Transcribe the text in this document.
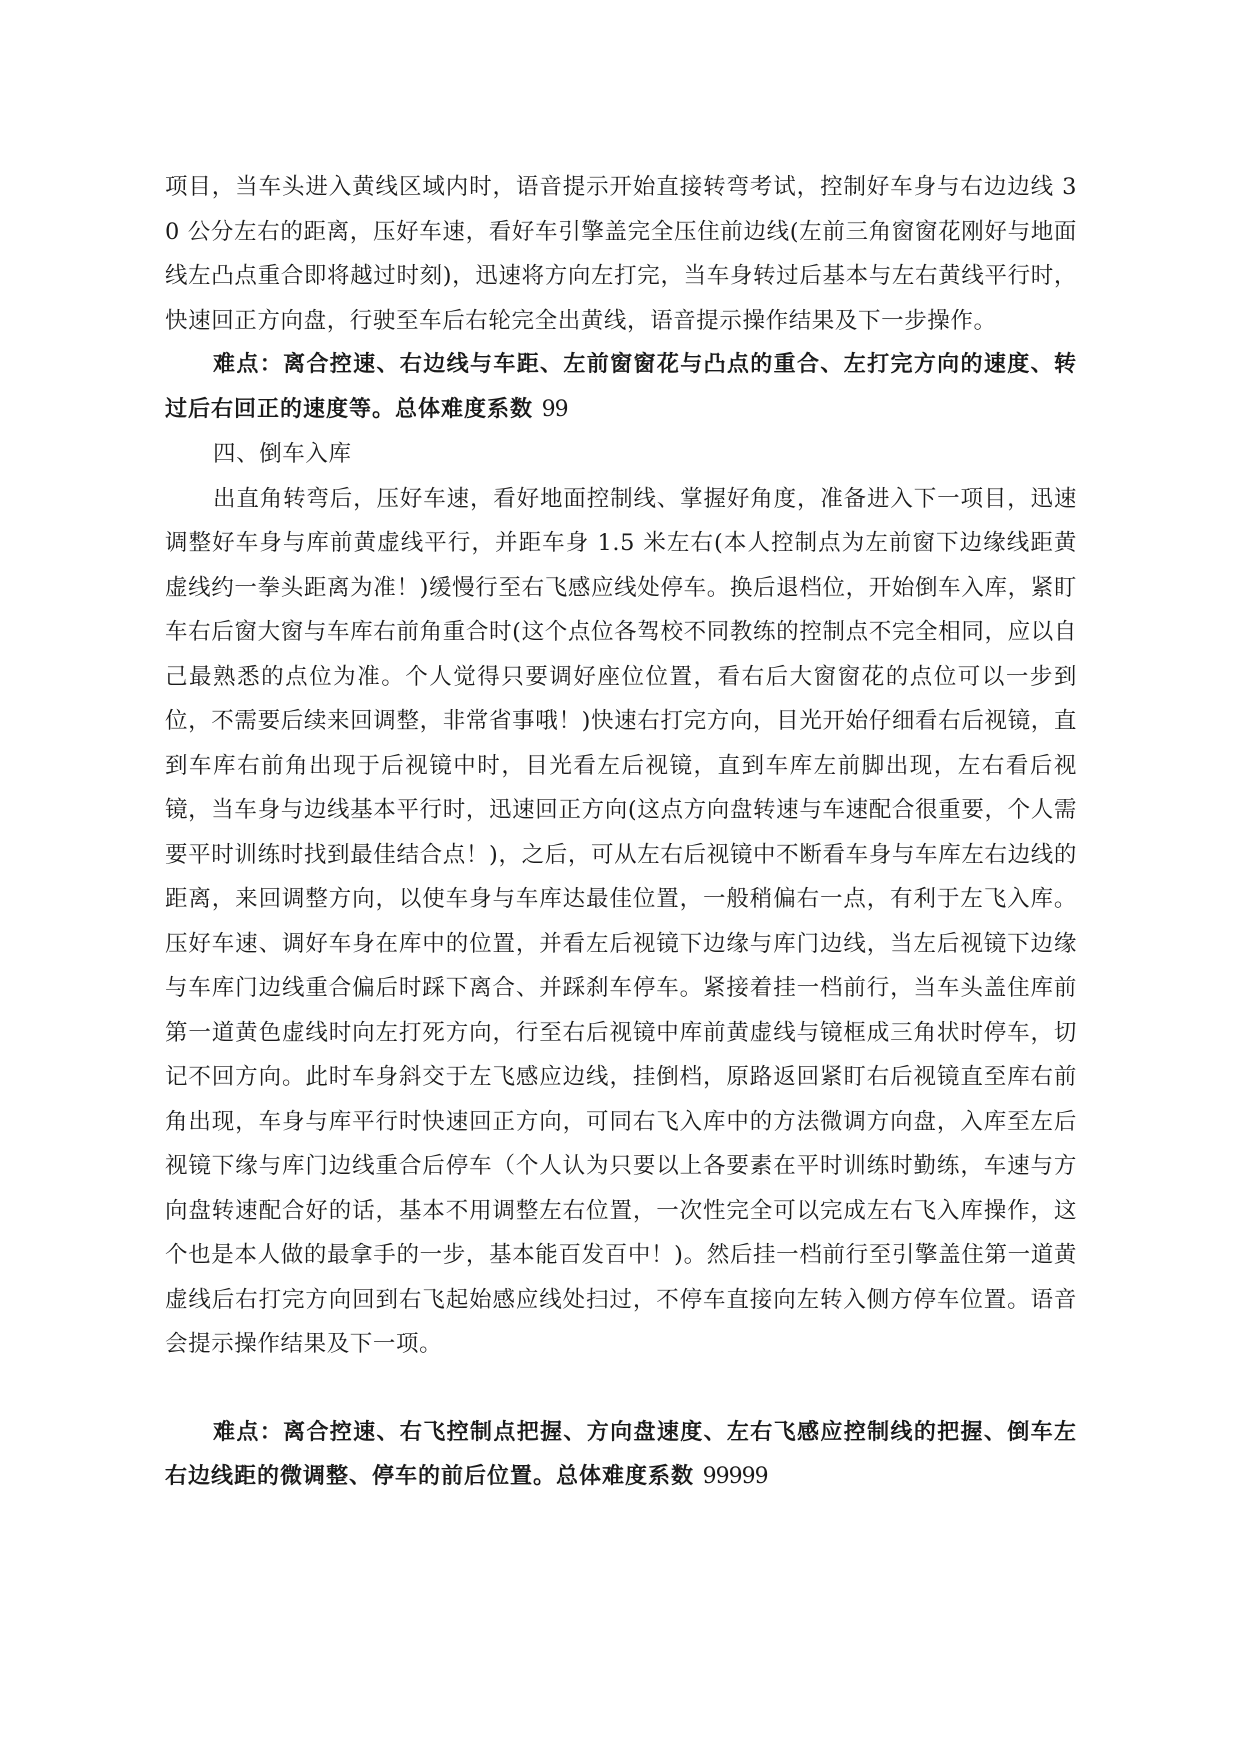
项目，当车头进入黄线区域内时，语音提示开始直接转弯考试，控制好车身与右边边线 30 公分左右的距离，压好车速，看好车引擎盖完全压住前边线(左前三角窗窗花刚好与地面线左凸点重合即将越过时刻)，迅速将方向左打完，当车身转过后基本与左右黄线平行时，快速回正方向盘，行驶至车后右轮完全出黄线，语音提示操作结果及下一步操作。

难点：离合控速、右边线与车距、左前窗窗花与凸点的重合、左打完方向的速度、转过后右回正的速度等。总体难度系数 99

四、倒车入库

出直角转弯后，压好车速，看好地面控制线、掌握好角度，准备进入下一项目，迅速调整好车身与库前黄虚线平行，并距车身 1.5 米左右(本人控制点为左前窗下边缘线距黄虚线约一拳头距离为准！)缓慢行至右飞感应线处停车。换后退档位，开始倒车入库，紧盯车右后窗大窗与车库右前角重合时(这个点位各驾校不同教练的控制点不完全相同，应以自己最熟悉的点位为准。个人觉得只要调好座位位置，看右后大窗窗花的点位可以一步到位，不需要后续来回调整，非常省事哦！)快速右打完方向，目光开始仔细看右后视镜，直到车库右前角出现于后视镜中时，目光看左后视镜，直到车库左前脚出现，左右看后视镜，当车身与边线基本平行时，迅速回正方向(这点方向盘转速与车速配合很重要，个人需要平时训练时找到最佳结合点！)，之后，可从左右后视镜中不断看车身与车库左右边线的距离，来回调整方向，以使车身与车库达最佳位置，一般稍偏右一点，有利于左飞入库。压好车速、调好车身在库中的位置，并看左后视镜下边缘与库门边线，当左后视镜下边缘与车库门边线重合偏后时踩下离合、并踩刹车停车。紧接着挂一档前行，当车头盖住库前第一道黄色虚线时向左打死方向，行至右后视镜中库前黄虚线与镜框成三角状时停车，切记不回方向。此时车身斜交于左飞感应边线，挂倒档，原路返回紧盯右后视镜直至库右前角出现，车身与库平行时快速回正方向，可同右飞入库中的方法微调方向盘，入库至左后视镜下缘与库门边线重合后停车（个人认为只要以上各要素在平时训练时勤练，车速与方向盘转速配合好的话，基本不用调整左右位置，一次性完全可以完成左右飞入库操作，这个也是本人做的最拿手的一步，基本能百发百中！)。然后挂一档前行至引擎盖住第一道黄虚线后右打完方向回到右飞起始感应线处扫过，不停车直接向左转入侧方停车位置。语音会提示操作结果及下一项。

难点：离合控速、右飞控制点把握、方向盘速度、左右飞感应控制线的把握、倒车左右边线距的微调整、停车的前后位置。总体难度系数 99999
